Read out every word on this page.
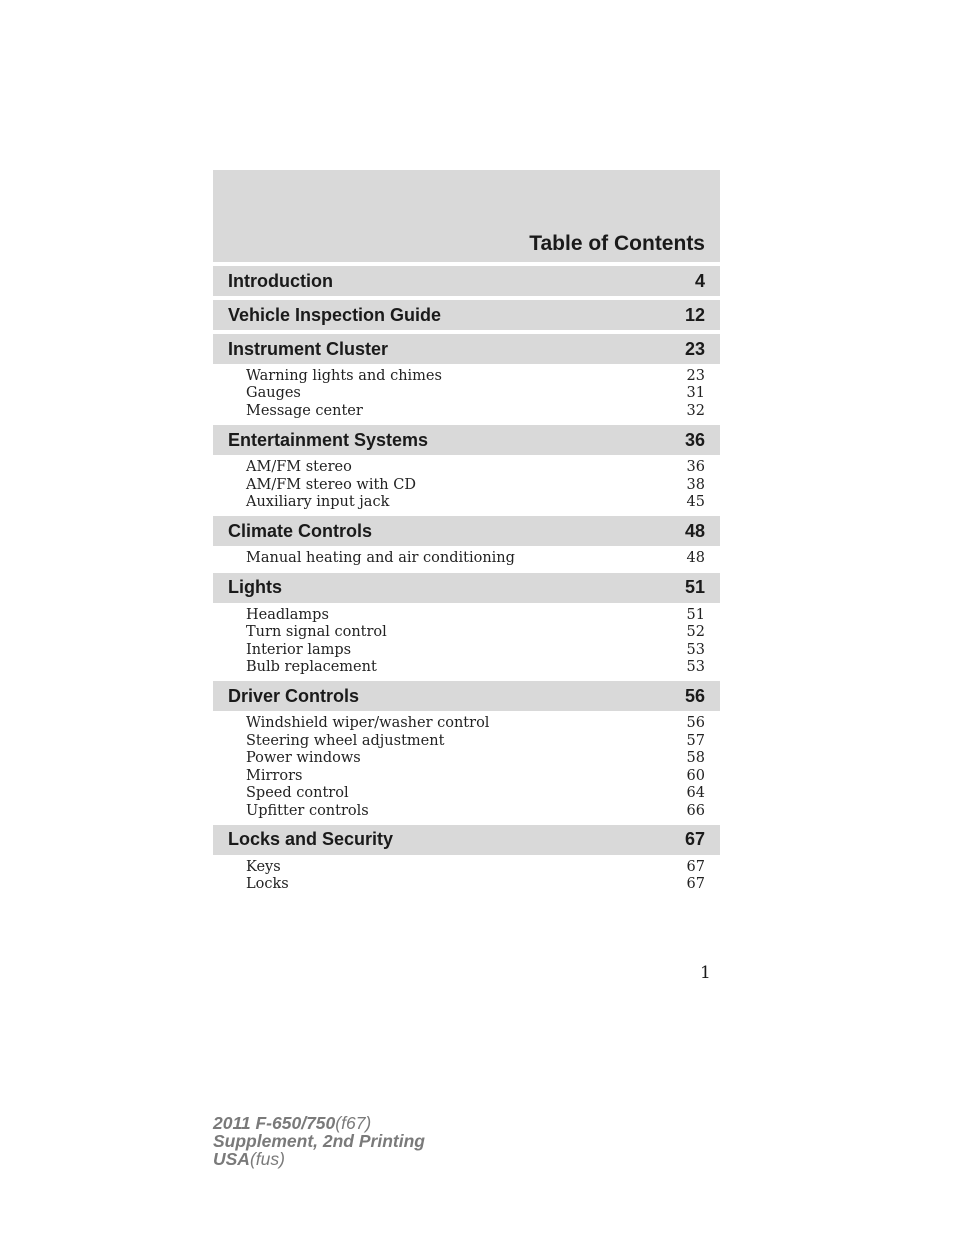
Table of Contents
Introduction	4
Vehicle Inspection Guide	12
Instrument Cluster	23
Warning lights and chimes	23
Gauges	31
Message center	32
Entertainment Systems	36
AM/FM stereo	36
AM/FM stereo with CD	38
Auxiliary input jack	45
Climate Controls	48
Manual heating and air conditioning	48
Lights	51
Headlamps	51
Turn signal control	52
Interior lamps	53
Bulb replacement	53
Driver Controls	56
Windshield wiper/washer control	56
Steering wheel adjustment	57
Power windows	58
Mirrors	60
Speed control	64
Upfitter controls	66
Locks and Security	67
Keys	67
Locks	67
1
2011 F-650/750(f67)
Supplement, 2nd Printing
USA(fus)
